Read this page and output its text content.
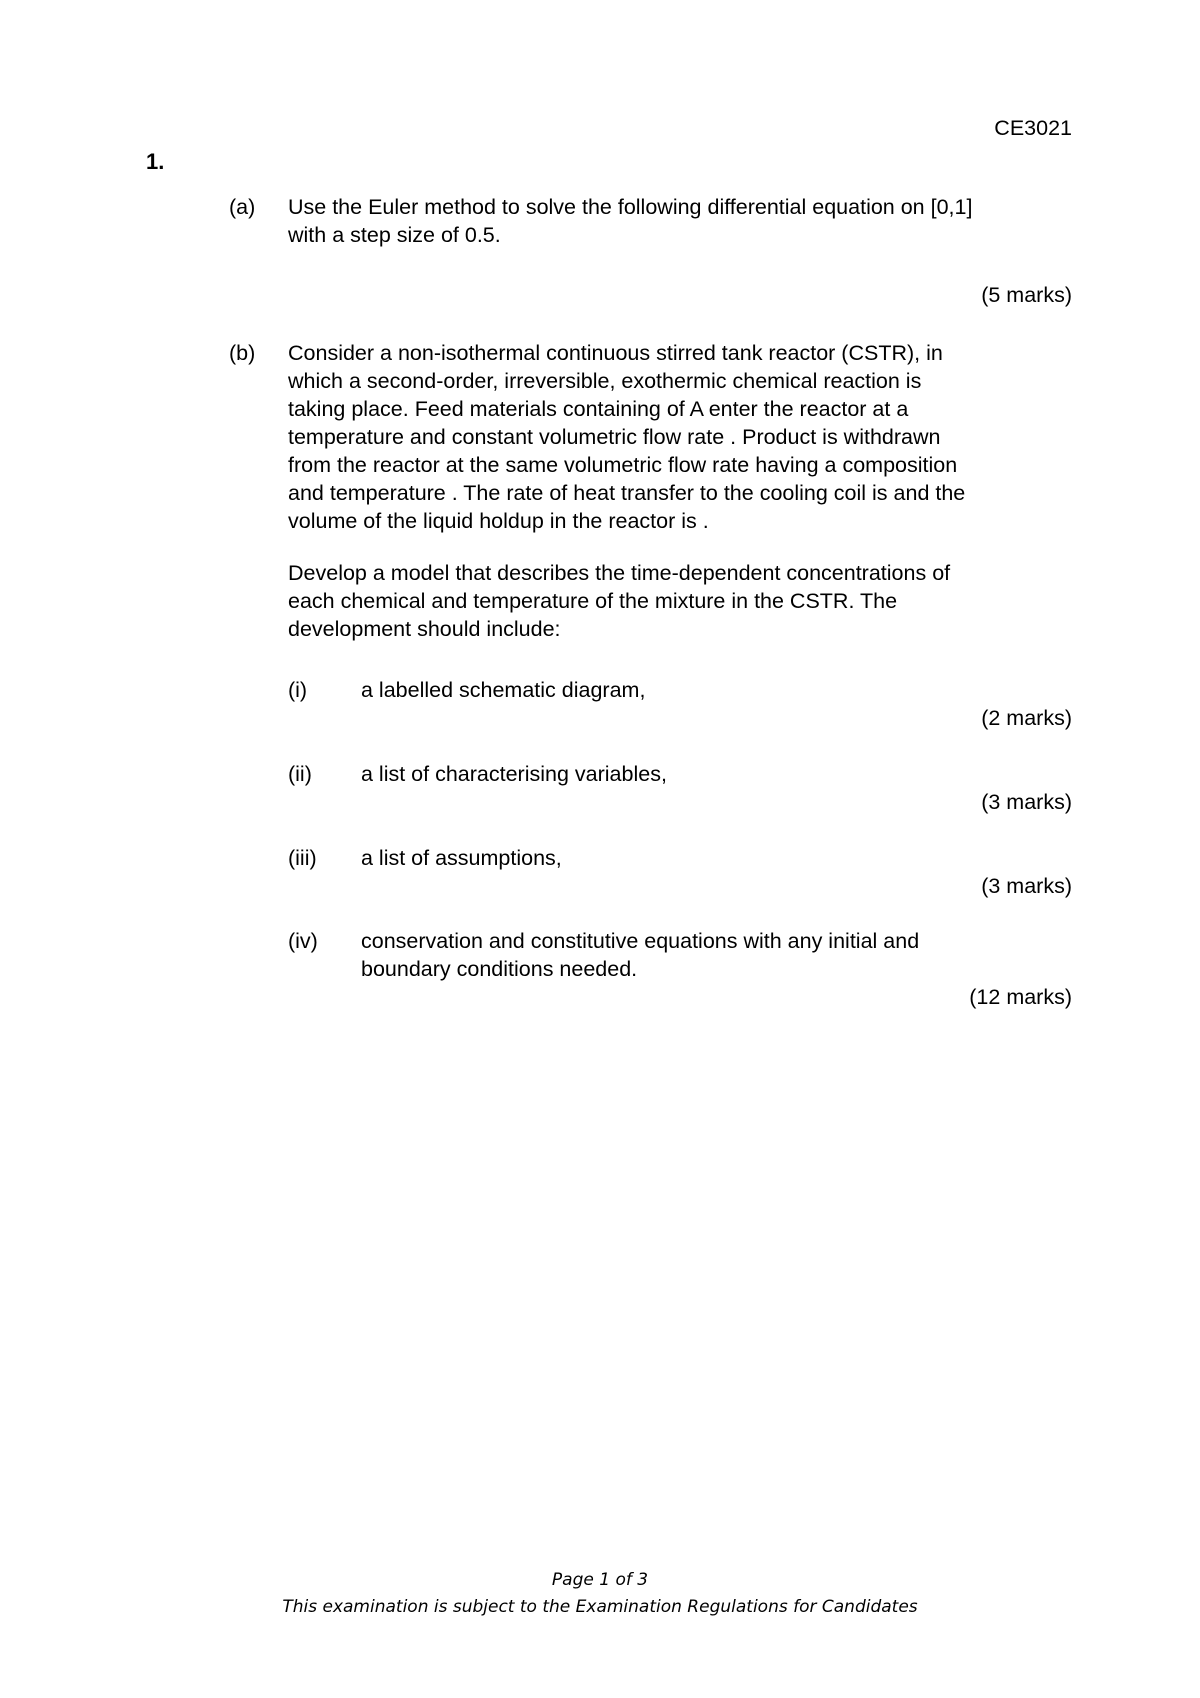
CE3021
1.
(a) Use the Euler method to solve the following differential equation on [0,1]
with a step size of 0.5.
(5 marks)
(b) Consider a non-isothermal continuous stirred tank reactor (CSTR), in
which a second-order, irreversible, exothermic chemical reaction is
taking place. Feed materials containing of A enter the reactor at a
temperature and constant volumetric flow rate . Product is withdrawn
from the reactor at the same volumetric flow rate having a composition
and temperature . The rate of heat transfer to the cooling coil is and the
volume of the liquid holdup in the reactor is .
Develop a model that describes the time-dependent concentrations of
each chemical and temperature of the mixture in the CSTR. The
development should include:
(i)	a labelled schematic diagram,
(2 marks)
(ii) a list of characterising variables,
(3 marks)
(iii) a list of assumptions,
(3 marks)
(iv) conservation and constitutive equations with any initial and
boundary conditions needed.
(12 marks)
Page 1 of 3
This examination is subject to the Examination Regulations for Candidates
